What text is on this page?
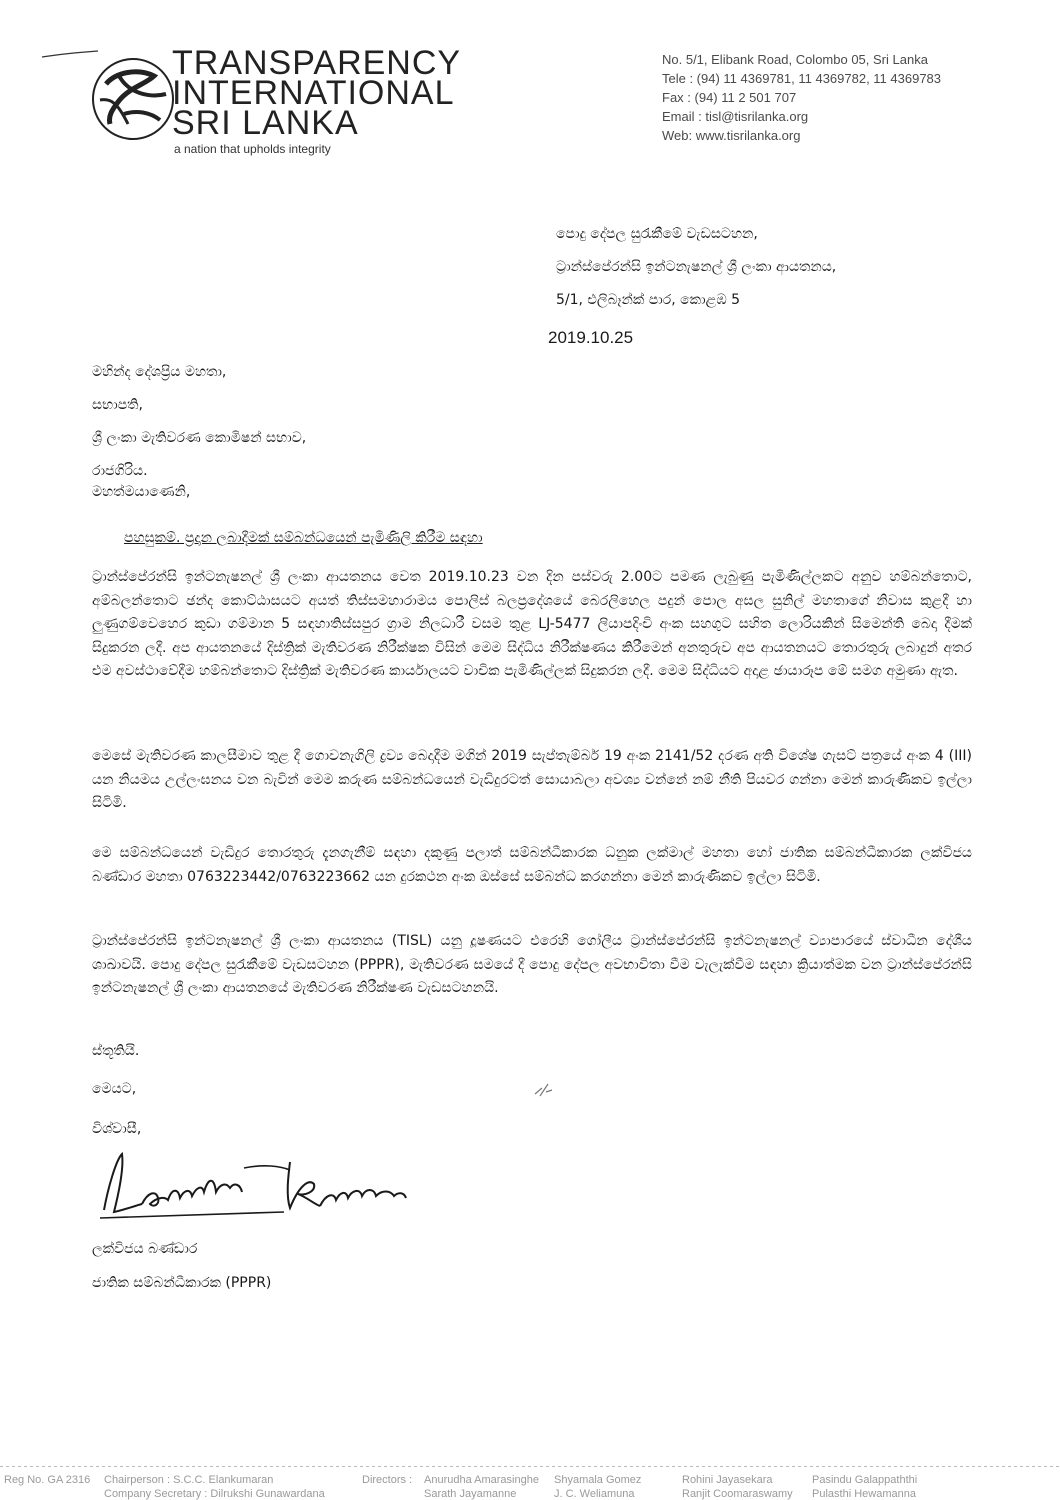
TRANSPARENCY
INTERNATIONAL
SRI LANKA
a nation that upholds integrity
No. 5/1, Elibank Road, Colombo 05, Sri Lanka
Tele : (94) 11 4369781, 11 4369782, 11 4369783
Fax : (94) 11 2 501 707
Email : tisl@tisrilanka.org
Web: www.tisrilanka.org
පොදු දේපල සුරැකීමේ වැඩසටහන,
ට්‍රාන්ස්පේරන්සි ඉන්ටනැෂනල් ශ්‍රී ලංකා ආයතනය,
5/1, එලිබෑන්ක් පාර, කොළඹ 5
2019.10.25
මහින්ද දේශප්‍රිය මහතා,
සභාපති,
ශ්‍රී ලංකා මැතිවරණ කොමිෂන් සභාව,
රාජගිරිය.
මහත්මයාණෙනි,
පහසුකම්. ප්‍රදාන ලබාදීමක් සම්බන්ධයෙන් පැමිණිලි කිරීම සඳහා
ට්‍රාන්ස්පේරන්සි ඉන්ටනැෂනල් ශ්‍රී ලංකා ආයතනය වෙත 2019.10.23 වන දින පස්වරු 2.00ට පමණ ලැබුණු පැමිණිල්ලකට අනුව හම්බන්තොට, අම්බලන්තොට ඡන්ද කොට්ඨාසයට අයත් තිස්සමහාරාමය පොලිස් බලප්‍රදේශයේ බෙරලිහෙල පදුන් පොල අසල සුනිල් මහතාගේ නිවාස කුළදී හා ලුණුගම්වෙහෙර කුඩා ගම්මාන 5 සඳහාතිස්සපුර ග්‍රාම නිලධාරී වසම තුළ LJ-5477 ලියාපදිංචි අංක සහගුට සහිත ලොරියකින් සිමෙන්ති බෙදා දීමක් සිදුකරන ලදී. අප ආයතනයේ දිස්ත්‍රික් මැතිවරණ නිරීක්ෂක විසින් මෙම සිද්ධිය නිරීක්ෂණය කිරීමෙන් අනතුරුව අප ආයතනයට තොරතුරු ලබාදුන් අතර එම අවස්ථාවේදීම හම්බන්තොට දිස්ත්‍රික් මැතිවරණ කාර්යාලයට වාචික පැමිණිල්ලක් සිදුකරන ලදී. මෙම සිද්ධියට අදාළ ඡායාරූප මේ සමග අමුණා ඇත.
මෙසේ මැතිවරණ කාලසීමාව තුළ දී ගොවනැගිලි ද්‍රව්‍ය බෙදාදීම මගින් 2019 සැප්තැම්බර් 19 අංක 2141/52 දරණ අති විශේෂ ගැසට් පත්‍රයේ අංක 4 (III) යන නියමය උල්ලංඝනය වන බැවින් මෙම කරුණ සම්බන්ධයෙන් වැඩිදුරටත් සොයාබලා අවශ්‍ය වන්නේ නම් නීති පියවර ගන්නා මෙන් කාරුණිකව ඉල්ලා සිටිමි.
මෙ සම්බන්ධයෙන් වැඩිදුර තොරතුරු දැනගැනීම් සඳහා දකුණු පලාත් සම්බන්ධීකාරක ධනුක ලක්මාල් මහතා හෝ ජාතික සම්බන්ධීකාරක ලක්විජය බණ්ඩාර මහතා 0763223442/0763223662 යන දුරකථන අංක ඔස්සේ සම්බන්ධ කරගන්නා මෙන් කාරුණිකව ඉල්ලා සිටිමි.
ට්‍රාන්ස්පේරන්සි ඉන්ටනැෂනල් ශ්‍රී ලංකා ආයතනය (TISL) යනු දූෂණයට එරෙහි ගෝලීය ට්‍රාන්ස්පේරන්සි ඉන්ටනැෂනල් ව්‍යාපාරයේ ස්වාධීන දේශීය ශාඛාවයි. පොදු දේපල සුරැකීමේ වැඩසටහන (PPPR), මැතිවරණ සමයේ දී පොදු දේපල අවභාවිතා වීම වැලැක්වීම සඳහා ක්‍රියාත්මක වන ට්‍රාන්ස්පේරන්සි ඉන්ටනැෂනල් ශ්‍රී ලංකා ආයතනයේ මැතිවරණ නිරීක්ෂණ වැඩසටහනයි.
ස්තූතියි.
මෙයට,
විශ්වාසී,
ලක්විජය බණ්ඩාර
ජාතික සම්බන්ධීකාරක (PPPR)
Reg No. GA 2316 Chairperson : S.C.C. Elankumaran
Company Secretary : Dilrukshi Gunawardana
Directors : Anurudha Amarasinghe
Sarath Jayamanne
Shyamala Gomez
J. C. Weliamuna
Rohini Jayasekara
Ranjit Coomaraswamy
Pasindu Galappaththi
Pulasthi Hewamanna
